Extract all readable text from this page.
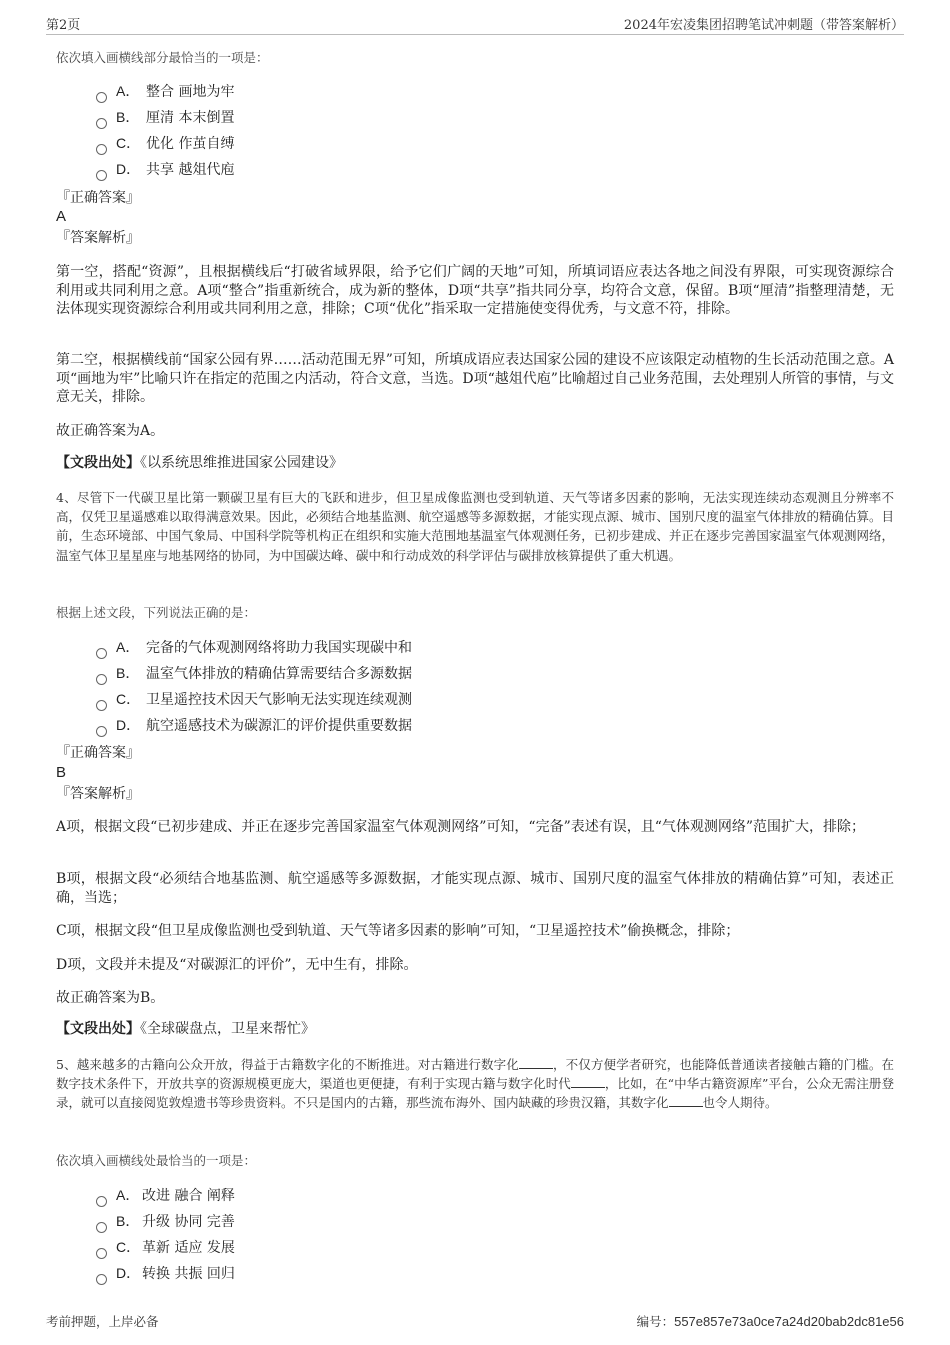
第2页	2024年宏凌集团招聘笔试冲刺题（带答案解析）
依次填入画横线部分最恰当的一项是：
A． 整合 画地为牢
B． 厘清 本末倒置
C． 优化 作茧自缚
D． 共享 越俎代庖
『正确答案』
A
『答案解析』
第一空，搭配“资源”，且根据横线后“打破省域界限，给予它们广阔的天地”可知，所填词语应表达各地之间没有界限，可实现资源综合利用或共同利用之意。A项“整合”指重新统合，成为新的整体，D项“共享”指共同分享，均符合文意，保留。B项“厘清”指整理清楚，无法体现实现资源综合利用或共同利用之意，排除；C项“优化”指采取一定措施使变得优秀，与文意不符，排除。
第二空，根据横线前“国家公园有界……活动范围无界”可知，所填成语应表达国家公园的建设不应该限定动植物的生长活动范围之意。A项“画地为牢”比喻只许在指定的范围之内活动，符合文意，当选。D项“越俎代庖”比喻超过自己业务范围，去处理别人所管的事情，与文意无关，排除。
故正确答案为A。
【文段出处】《以系统思维推进国家公园建设》
4、尽管下一代碳卫星比第一颗碳卫星有巨大的飞跃和进步，但卫星成像监测也受到轨道、天气等诸多因素的影响，无法实现连续动态观测且分辨率不高，仅凭卫星遥感难以取得满意效果。因此，必须结合地基监测、航空遥感等多源数据，才能实现点源、城市、国别尺度的温室气体排放的精确估算。目前，生态环境部、中国气象局、中国科学院等机构正在组织和实施大范围地基温室气体观测任务，已初步建成、并正在逐步完善国家温室气体观测网络，温室气体卫星星座与地基网络的协同，为中国碳达峰、碳中和行动成效的科学评估与碳排放核算提供了重大机遇。
根据上述文段，下列说法正确的是：
A． 完备的气体观测网络将助力我国实现碳中和
B． 温室气体排放的精确估算需要结合多源数据
C． 卫星遥控技术因天气影响无法实现连续观测
D． 航空遥感技术为碳源汇的评价提供重要数据
『正确答案』
B
『答案解析』
A项，根据文段“已初步建成、并正在逐步完善国家温室气体观测网络”可知，“完备”表述有误，且“气体观测网络”范围扩大，排除；
B项，根据文段“必须结合地基监测、航空遥感等多源数据，才能实现点源、城市、国别尺度的温室气体排放的精确估算”可知，表述正确，当选；
C项，根据文段“但卫星成像监测也受到轨道、天气等诸多因素的影响”可知，“卫星遥控技术”偷换概念，排除；
D项，文段并未提及“对碳源汇的评价”，无中生有，排除。
故正确答案为B。
【文段出处】《全球碳盘点，卫星来帮忙》
5、越来越多的古籍向公众开放，得益于古籍数字化的不断推进。对古籍进行数字化	，不仅方便学者研究，也能降低普通读者接触古籍的门槛。在数字技术条件下，开放共享的资源规模更庞大，渠道也更便捷，有利于实现古籍与数字化时代	，比如，在“中华古籍资源库”平台，公众无需注册登录，就可以直接阅览敦煌遗书等珍贵资料。不只是国内的古籍，那些流布海外、国内缺藏的珍贵汉籍，其数字化	也令人期待。
依次填入画横线处最恰当的一项是：
A． 改进 融合 阐释
B． 升级 协同 完善
C． 革新 适应 发展
D． 转换 共振 回归
考前押题，上岸必备	编号：557e857e73a0ce7a24d20bab2dc81e56
